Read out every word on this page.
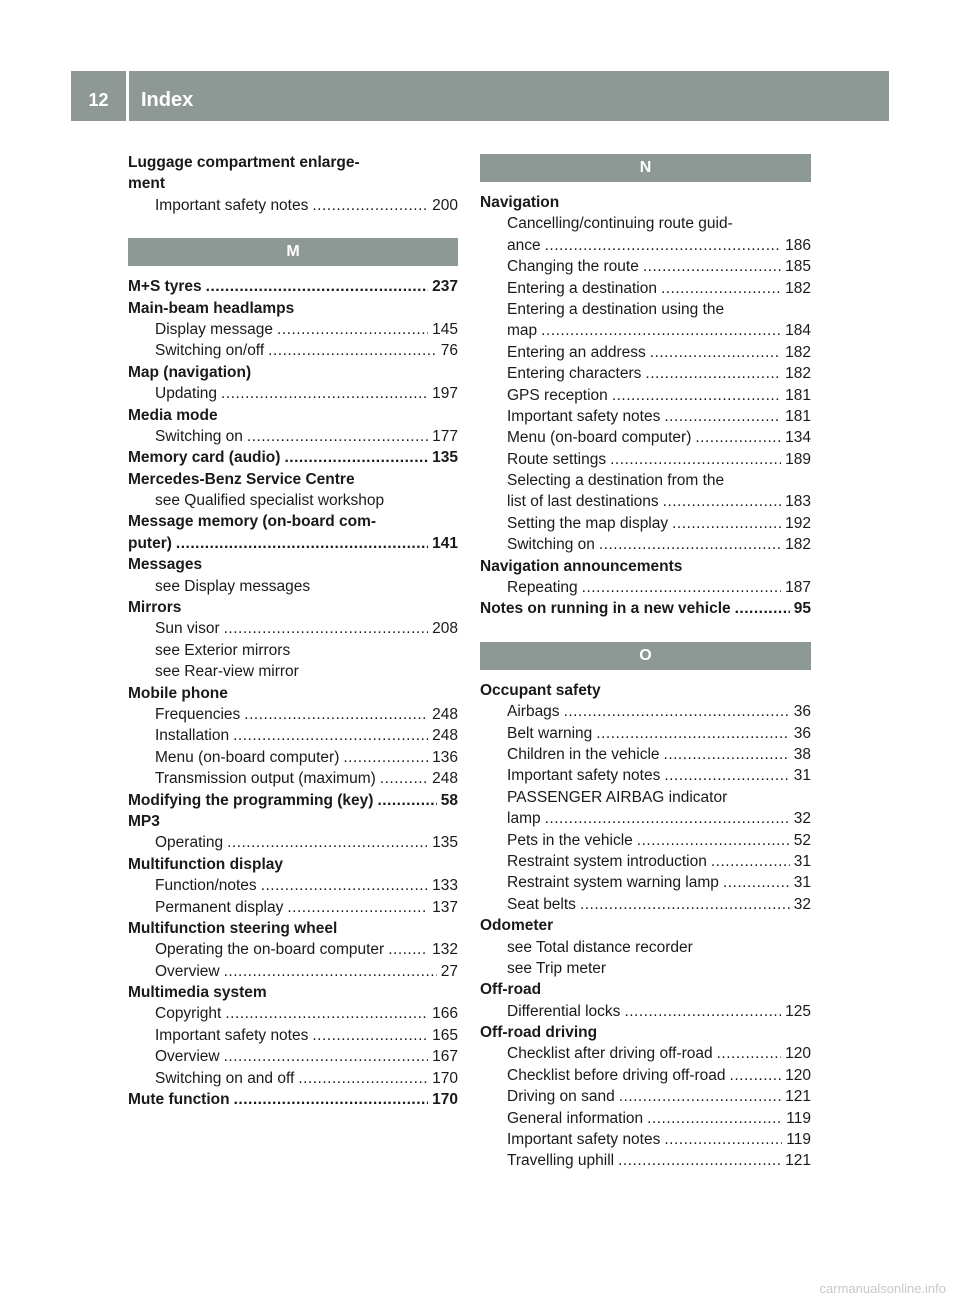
12	Index
Luggage compartment enlarge-
ment
Important safety notes .....	200
M
M+S tyres .....	237
Main-beam headlamps
Display message .....	145
Switching on/off .....	76
Map (navigation)
Updating .....	197
Media mode
Switching on .....	177
Memory card (audio) .....	135
Mercedes-Benz Service Centre
see Qualified specialist workshop
Message memory (on-board com-
puter) .....	141
Messages
see Display messages
Mirrors
Sun visor .....	208
see Exterior mirrors
see Rear-view mirror
Mobile phone
Frequencies .....	248
Installation .....	248
Menu (on-board computer) .....	136
Transmission output (maximum) .....	248
Modifying the programming (key) .....	58
MP3
Operating .....	135
Multifunction display
Function/notes .....	133
Permanent display .....	137
Multifunction steering wheel
Operating the on-board computer .....	132
Overview .....	27
Multimedia system
Copyright .....	166
Important safety notes .....	165
Overview .....	167
Switching on and off .....	170
Mute function .....	170
N
Navigation
Cancelling/continuing route guid-
ance .....	186
Changing the route .....	185
Entering a destination .....	182
Entering a destination using the
map .....	184
Entering an address .....	182
Entering characters .....	182
GPS reception .....	181
Important safety notes .....	181
Menu (on-board computer) .....	134
Route settings .....	189
Selecting a destination from the
list of last destinations .....	183
Setting the map display .....	192
Switching on .....	182
Navigation announcements
Repeating .....	187
Notes on running in a new vehicle .....	95
O
Occupant safety
Airbags .....	36
Belt warning .....	36
Children in the vehicle .....	38
Important safety notes .....	31
PASSENGER AIRBAG indicator
lamp .....	32
Pets in the vehicle .....	52
Restraint system introduction .....	31
Restraint system warning lamp .....	31
Seat belts .....	32
Odometer
see Total distance recorder
see Trip meter
Off-road
Differential locks .....	125
Off-road driving
Checklist after driving off-road .....	120
Checklist before driving off-road .....	120
Driving on sand .....	121
General information .....	119
Important safety notes .....	119
Travelling uphill .....	121
carmanualsonline.info
